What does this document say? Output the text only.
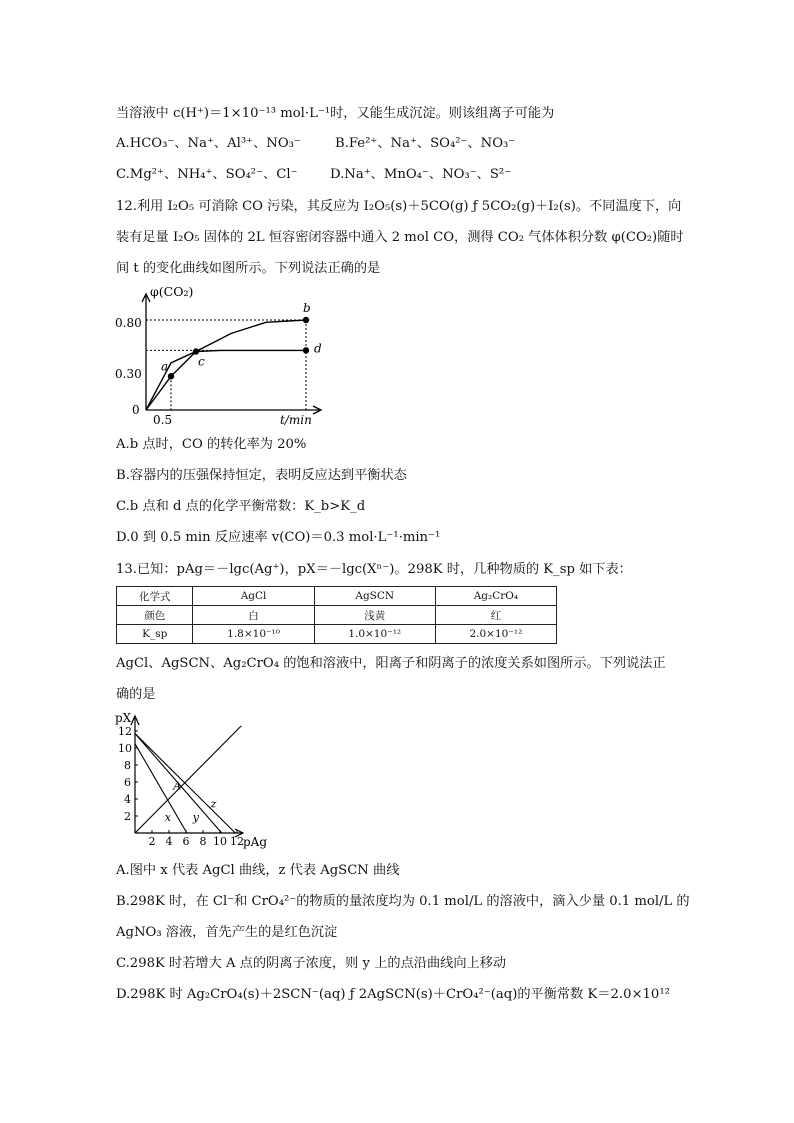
当溶液中 c(H⁺)＝1×10⁻¹³ mol·L⁻¹时，又能生成沉淀。则该组离子可能为
A.HCO₃⁻、Na⁺、Al³⁺、NO₃⁻	B.Fe²⁺、Na⁺、SO₄²⁻、NO₃⁻
C.Mg²⁺、NH₄⁺、SO₄²⁻、Cl⁻ D.Na⁺、MnO₄⁻、NO₃⁻、S²⁻
12.利用 I₂O₅ 可消除 CO 污染，其反应为 I₂O₅(s)＋5CO(g) ƒ 5CO₂(g)＋I₂(s)。不同温度下，向
装有足量 I₂O₅ 固体的 2L 恒容密闭容器中通入 2 mol CO，测得 CO₂ 气体体积分数 φ(CO₂)随时
间 t 的变化曲线如图所示。下列说法正确的是
φ(CO₂)
t/min
0.80
0.30
0
0.5
a c
b
d
A.b 点时，CO 的转化率为 20%
B.容器内的压强保持恒定，表明反应达到平衡状态
C.b 点和 d 点的化学平衡常数：K_b>K_d
D.0 到 0.5 min 反应速率 v(CO)＝0.3 mol·L⁻¹·min⁻¹
13.已知：pAg＝－lgc(Ag⁺)，pX＝－lgc(Xⁿ⁻)。298K 时，几种物质的 K_sp 如下表：
化学式	AgCl	AgSCN	Ag₂CrO₄
颜色	白	浅黄	红
K_sp	1.8×10⁻¹⁰	1.0×10⁻¹²	2.0×10⁻¹²
AgCl、AgSCN、Ag₂CrO₄ 的饱和溶液中，阳离子和阴离子的浓度关系如图所示。下列说法正
确的是
pX
pAg
2 4 6 8 10 12
12
10
8
6
4
2	x y
z
A
A.图中 x 代表 AgCl 曲线，z 代表 AgSCN 曲线
B.298K 时，在 Cl⁻和 CrO₄²⁻的物质的量浓度均为 0.1 mol/L 的溶液中，滴入少量 0.1 mol/L 的
AgNO₃ 溶液，首先产生的是红色沉淀
C.298K 时若增大 A 点的阴离子浓度，则 y 上的点沿曲线向上移动
D.298K 时 Ag₂CrO₄(s)＋2SCN⁻(aq) ƒ 2AgSCN(s)＋CrO₄²⁻(aq)的平衡常数 K＝2.0×10¹²
